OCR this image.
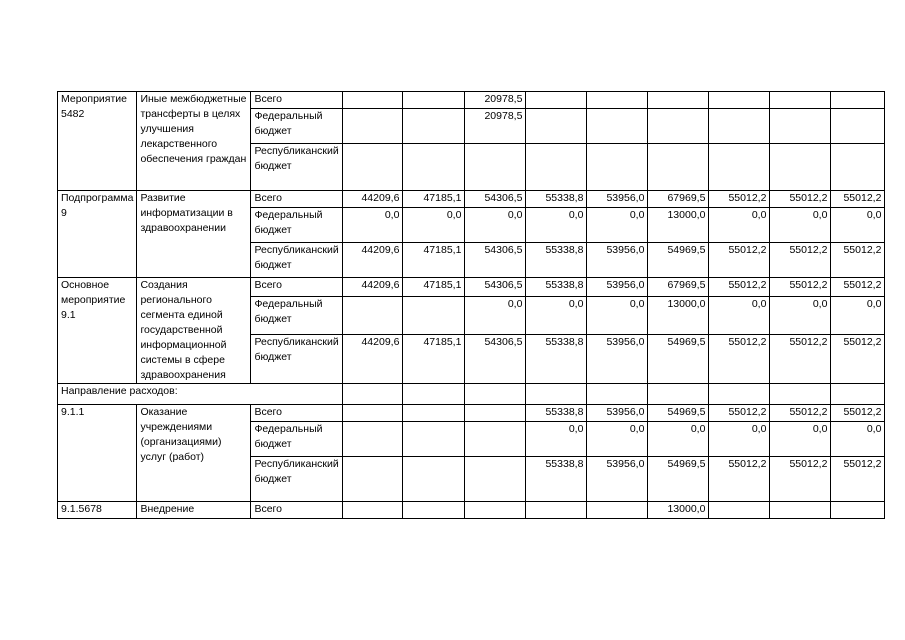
Мероприятие 5482	Иные межбюджетные трансферты в целях улучшения лекарственного обеспечения граждан	Всего			20978,5						
		Федеральный бюджет			20978,5						
		Республиканский бюджет									
Подпрограмма 9	Развитие информатизации в здравоохранении	Всего	44209,6	47185,1	54306,5	55338,8	53956,0	67969,5	55012,2	55012,2	55012,2
		Федеральный бюджет	0,0	0,0	0,0	0,0	0,0	13000,0	0,0	0,0	0,0
		Республиканский бюджет	44209,6	47185,1	54306,5	55338,8	53956,0	54969,5	55012,2	55012,2	55012,2
Основное мероприятие 9.1	Создания регионального сегмента единой государственной информационной системы в сфере здравоохранения	Всего	44209,6	47185,1	54306,5	55338,8	53956,0	67969,5	55012,2	55012,2	55012,2
		Федеральный бюджет			0,0	0,0	0,0	13000,0	0,0	0,0	0,0
		Республиканский бюджет	44209,6	47185,1	54306,5	55338,8	53956,0	54969,5	55012,2	55012,2	55012,2
Направление расходов:											
9.1.1	Оказание учреждениями (организациями) услуг (работ)	Всего				55338,8	53956,0	54969,5	55012,2	55012,2	55012,2
		Федеральный бюджет				0,0	0,0	0,0	0,0	0,0	0,0
		Республиканский бюджет				55338,8	53956,0	54969,5	55012,2	55012,2	55012,2
9.1.5678	Внедрение	Всего						13000,0			
